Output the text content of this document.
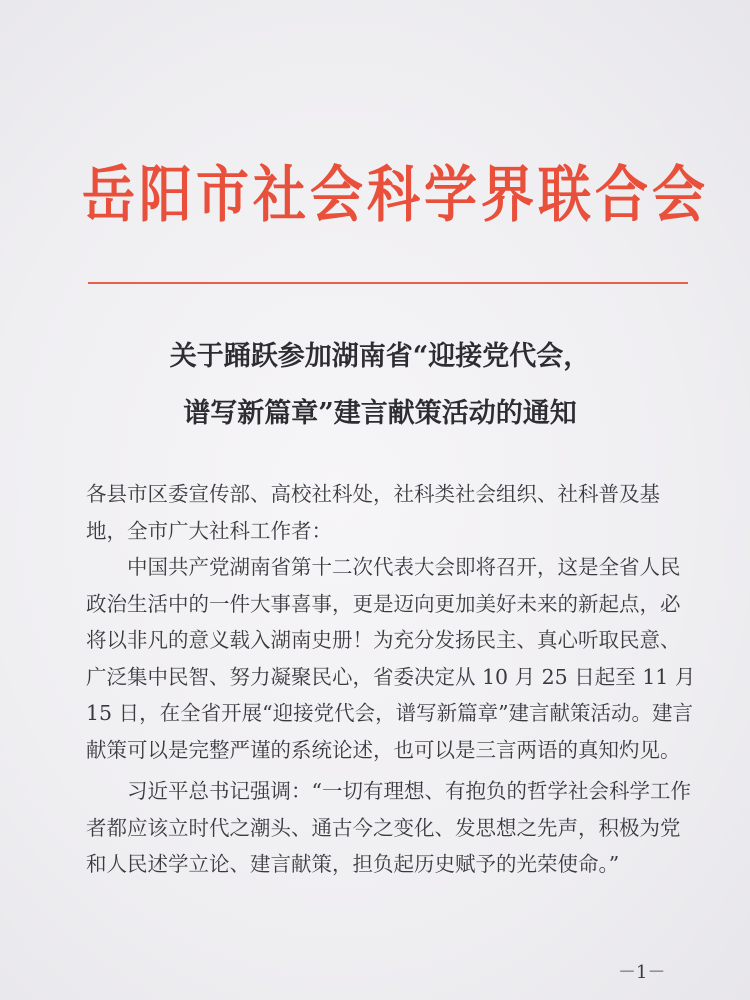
岳阳市社会科学界联合会
关于踊跃参加湖南省“迎接党代会，
谱写新篇章”建言献策活动的通知

各县市区委宣传部、高校社科处，社科类社会组织、社科普及基地，全市广大社科工作者：

中国共产党湖南省第十二次代表大会即将召开，这是全省人民政治生活中的一件大事喜事，更是迈向更加美好未来的新起点，必将以非凡的意义载入湖南史册！为充分发扬民主、真心听取民意、广泛集中民智、努力凝聚民心，省委决定从 10 月 25 日起至 11 月 15 日，在全省开展“迎接党代会，谱写新篇章”建言献策活动。建言献策可以是完整严谨的系统论述，也可以是三言两语的真知灼见。

习近平总书记强调：“一切有理想、有抱负的哲学社会科学工作者都应该立时代之潮头、通古今之变化、发思想之先声，积极为党和人民述学立论、建言献策，担负起历史赋予的光荣使命。”

－1－
